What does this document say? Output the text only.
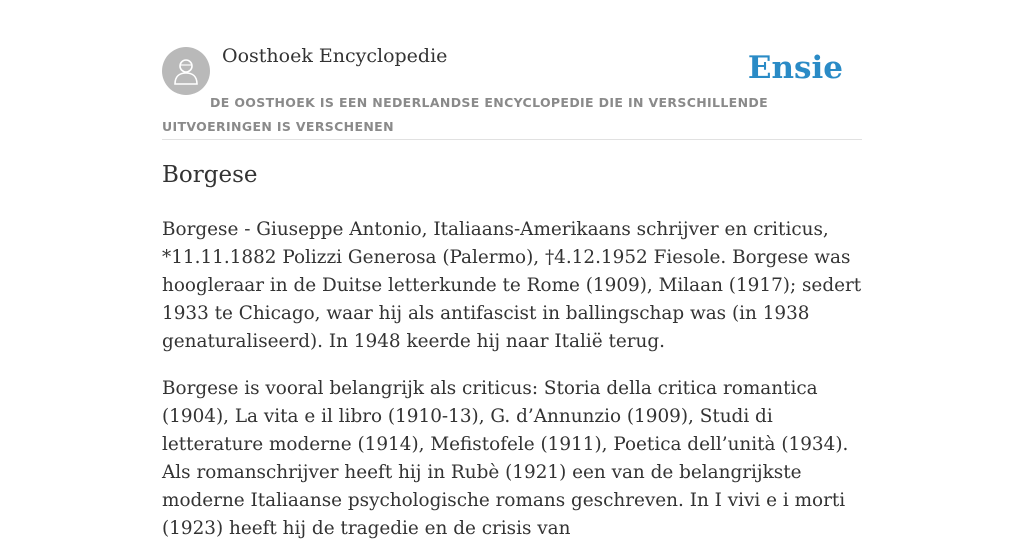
Oosthoek Encyclopedie	Ensie
DE OOSTHOEK IS EEN NEDERLANDSE ENCYCLOPEDIE DIE IN VERSCHILLENDE UITVOERINGEN IS VERSCHENEN
Borgese

Borgese - Giuseppe Antonio, Italiaans-Amerikaans schrijver en criticus, *11.11.1882 Polizzi Generosa (Palermo), †4.12.1952 Fiesole. Borgese was hoogleraar in de Duitse letterkunde te Rome (1909), Milaan (1917); sedert 1933 te Chicago, waar hij als antifascist in ballingschap was (in 1938 genaturaliseerd). In 1948 keerde hij naar Italië terug.

Borgese is vooral belangrijk als criticus: Storia della critica romantica (1904), La vita e il libro (1910-13), G. d’Annunzio (1909), Studi di letterature moderne (1914), Mefistofele (1911), Poetica dell’unità (1934). Als romanschrijver heeft hij in Rubè (1921) een van de belangrijkste moderne Italiaanse psychologische romans geschreven. In I vivi e i morti (1923) heeft hij de tragedie en de crisis van
